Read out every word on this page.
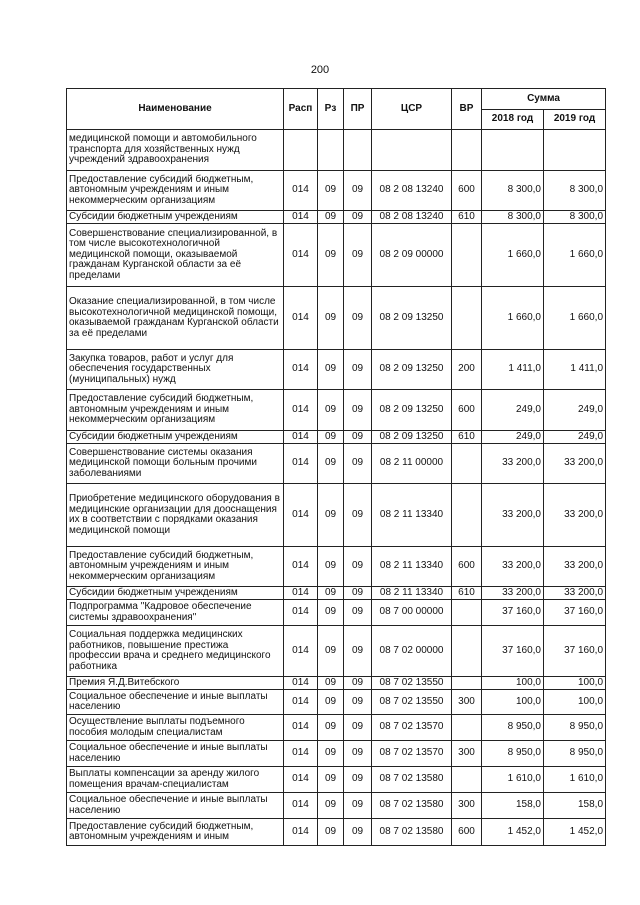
200
Наименование	Расп	Рз	ПР	ЦСР	ВР	Сумма	
						2018 год	2019 год
медицинской помощи и автомобильного транспорта для хозяйственных нужд учреждений здравоохранения							
Предоставление субсидий бюджетным, автономным учреждениям и иным некоммерческим организациям	014	09	09	08 2 08 13240	600	8 300,0	8 300,0
Субсидии бюджетным учреждениям	014	09	09	08 2 08 13240	610	8 300,0	8 300,0
Совершенствование специализированной, в том числе высокотехнологичной медицинской помощи, оказываемой гражданам Курганской области за её пределами	014	09	09	08 2 09 00000		1 660,0	1 660,0
Оказание специализированной, в том числе высокотехнологичной медицинской помощи, оказываемой гражданам Курганской области за её пределами	014	09	09	08 2 09 13250		1 660,0	1 660,0
Закупка товаров, работ и услуг для обеспечения государственных (муниципальных) нужд	014	09	09	08 2 09 13250	200	1 411,0	1 411,0
Предоставление субсидий бюджетным, автономным учреждениям и иным некоммерческим организациям	014	09	09	08 2 09 13250	600	249,0	249,0
Субсидии бюджетным учреждениям	014	09	09	08 2 09 13250	610	249,0	249,0
Совершенствование системы оказания медицинской помощи больным прочими заболеваниями	014	09	09	08 2 11 00000		33 200,0	33 200,0
Приобретение медицинского оборудования в медицинские организации для дооснащения их в соответствии с порядками оказания медицинской помощи	014	09	09	08 2 11 13340		33 200,0	33 200,0
Предоставление субсидий бюджетным, автономным учреждениям и иным некоммерческим организациям	014	09	09	08 2 11 13340	600	33 200,0	33 200,0
Субсидии бюджетным учреждениям	014	09	09	08 2 11 13340	610	33 200,0	33 200,0
Подпрограмма "Кадровое обеспечение системы здравоохранения"	014	09	09	08 7 00 00000		37 160,0	37 160,0
Социальная поддержка медицинских работников, повышение престижа профессии врача и среднего медицинского работника	014	09	09	08 7 02 00000		37 160,0	37 160,0
Премия Я.Д.Витебского	014	09	09	08 7 02 13550		100,0	100,0
Социальное обеспечение и иные выплаты населению	014	09	09	08 7 02 13550	300	100,0	100,0
Осуществление выплаты подъемного пособия молодым специалистам	014	09	09	08 7 02 13570		8 950,0	8 950,0
Социальное обеспечение и иные выплаты населению	014	09	09	08 7 02 13570	300	8 950,0	8 950,0
Выплаты компенсации за аренду жилого помещения врачам-специалистам	014	09	09	08 7 02 13580		1 610,0	1 610,0
Социальное обеспечение и иные выплаты населению	014	09	09	08 7 02 13580	300	158,0	158,0
Предоставление субсидий бюджетным, автономным учреждениям и иным	014	09	09	08 7 02 13580	600	1 452,0	1 452,0
